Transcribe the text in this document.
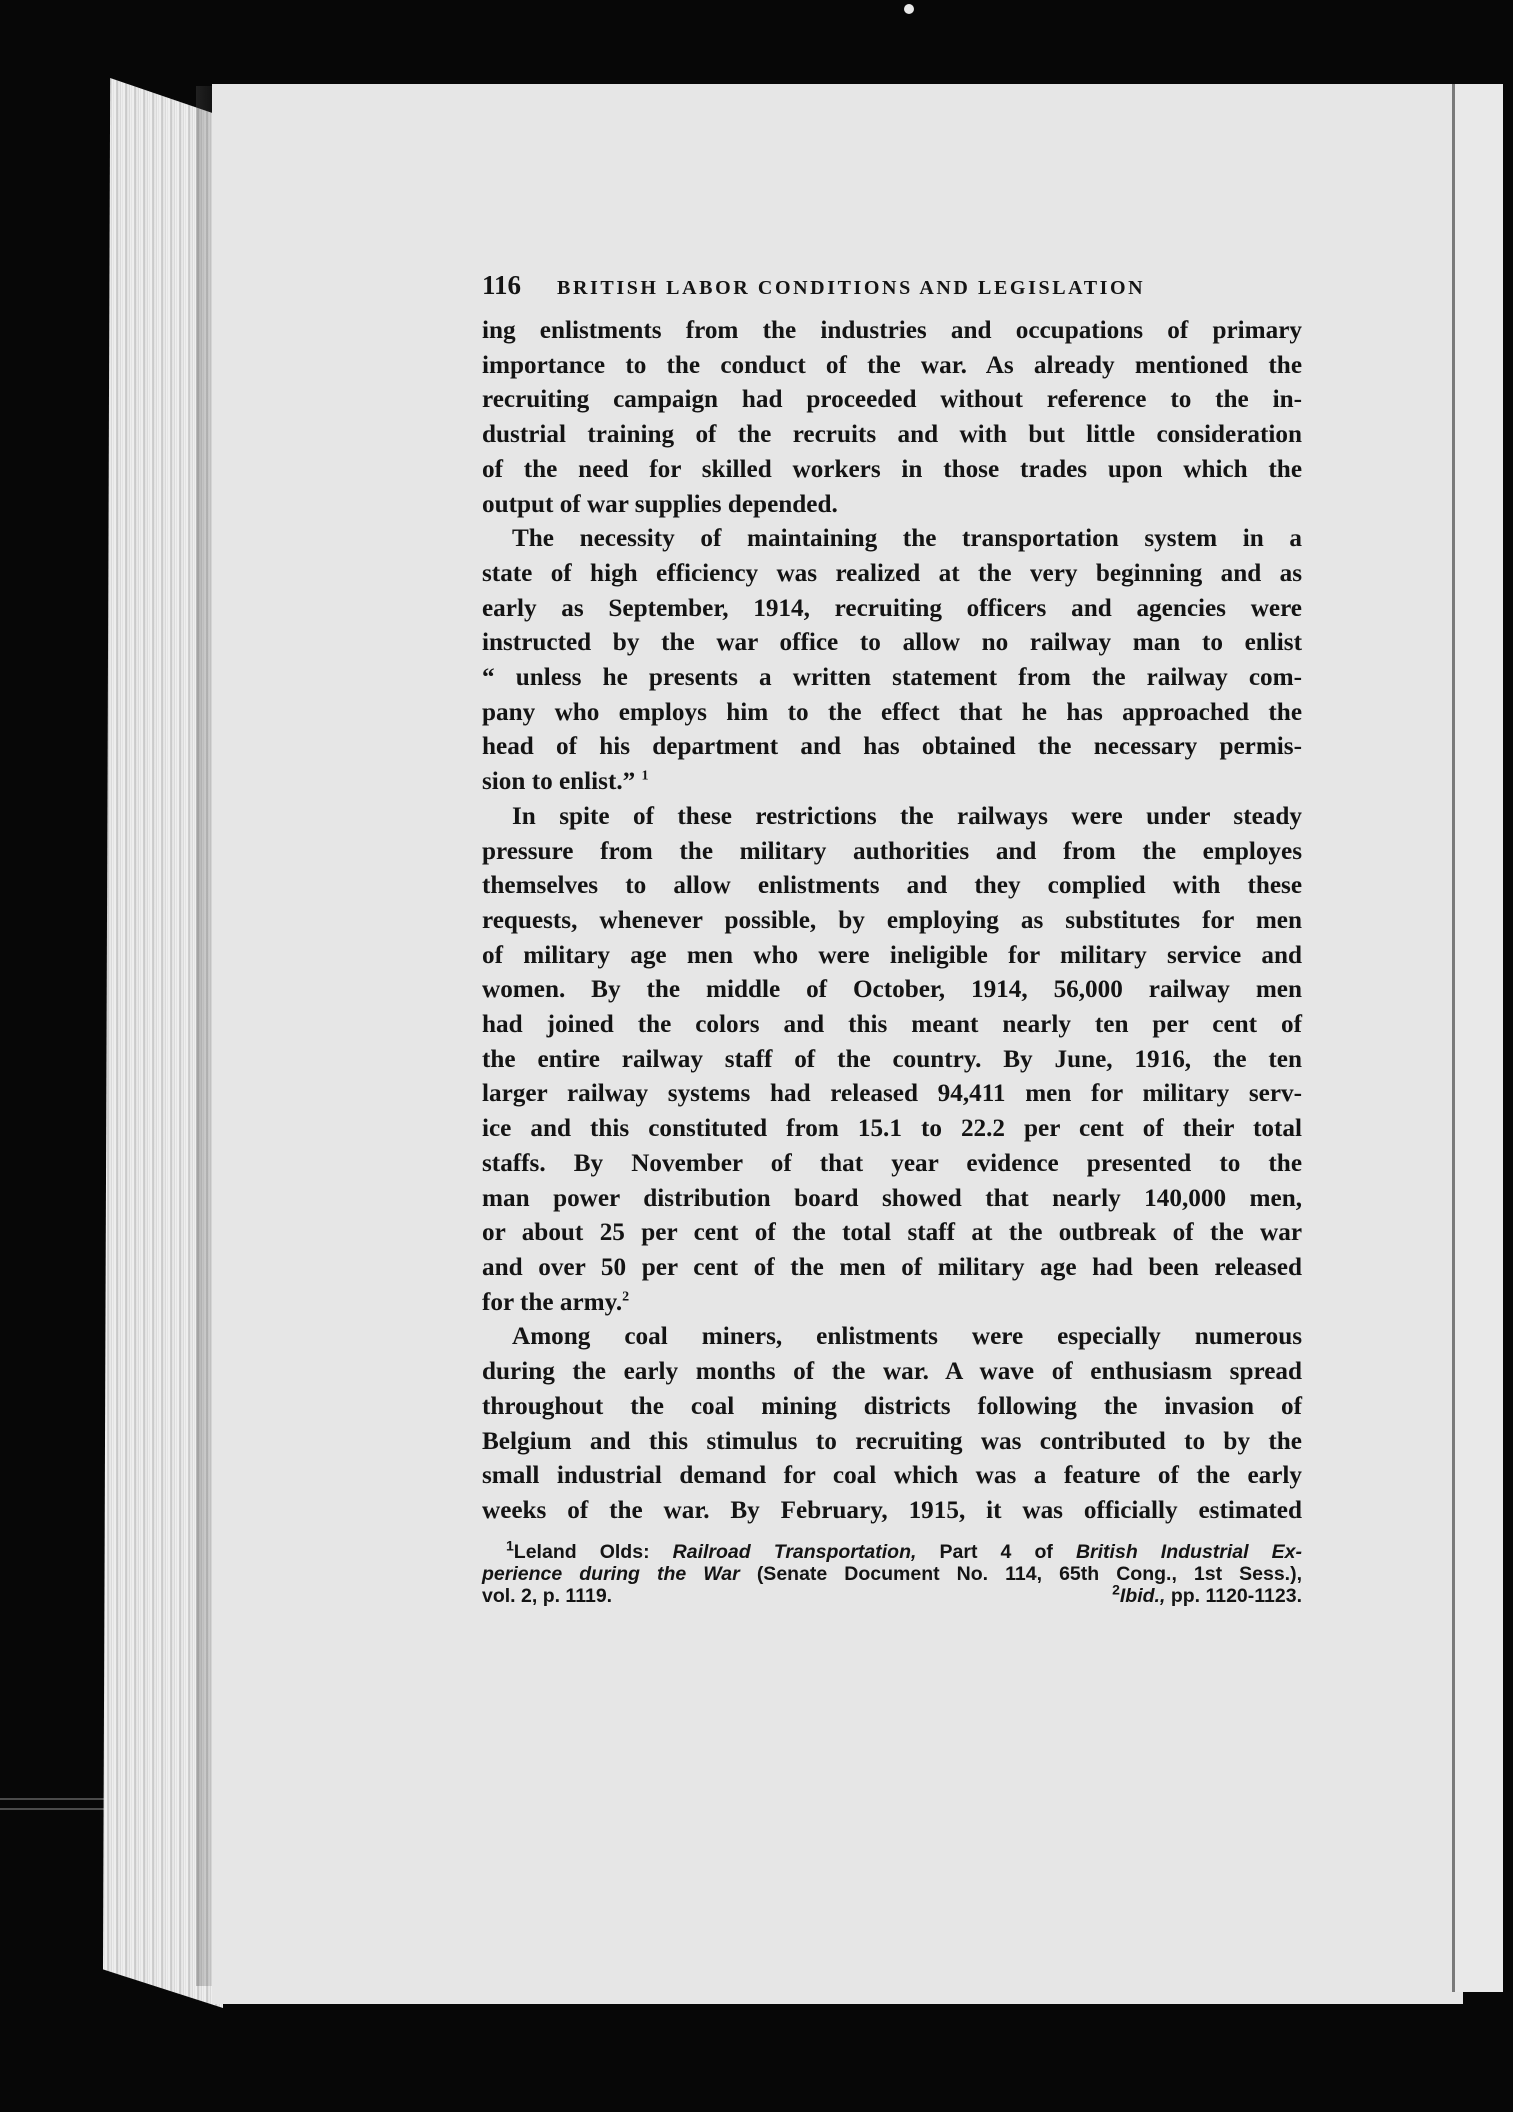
116 BRITISH LABOR CONDITIONS AND LEGISLATION

ing enlistments from the industries and occupations of primary

importance to the conduct of the war. As already mentioned the

recruiting campaign had proceeded without reference to the in-

dustrial training of the recruits and with but little consideration

of the need for skilled workers in those trades upon which the

output of war supplies depended.

The necessity of maintaining the transportation system in a

state of high efficiency was realized at the very beginning and as

early as September, 1914, recruiting officers and agencies were

instructed by the war office to allow no railway man to enlist

“ unless he presents a written statement from the railway com-

pany who employs him to the effect that he has approached the

head of his department and has obtained the necessary permis-

sion to enlist.” $^1$

In spite of these restrictions the railways were under steady

pressure from the military authorities and from the employes

themselves to allow enlistments and they complied with these

requests, whenever possible, by employing as substitutes for men

of military age men who were ineligible for military service and

women. By the middle of October, 1914, 56,000 railway men

had joined the colors and this meant nearly ten per cent of

the entire railway staff of the country. By June, 1916, the ten

larger railway systems had released 94,411 men for military serv-

ice and this constituted from 15.1 to 22.2 per cent of their total

staffs. By November of that year evidence presented to the

man power distribution board showed that nearly 140,000 men,

or about 25 per cent of the total staff at the outbreak of the war

and over 50 per cent of the men of military age had been released

for the army.$^2$

Among coal miners, enlistments were especially numerous

during the early months of the war. A wave of enthusiasm spread

throughout the coal mining districts following the invasion of

Belgium and this stimulus to recruiting was contributed to by the

small industrial demand for coal which was a feature of the early

weeks of the war. By February, 1915, it was officially estimated

$^1$Leland Olds: Railroad Transportation, Part 4 of British Industrial Ex-
perience during the War (Senate Document No. 114, 65th Cong., 1st Sess.),
vol. 2, p. 1119.	$^2$Ibid., pp. 1120-1123.
